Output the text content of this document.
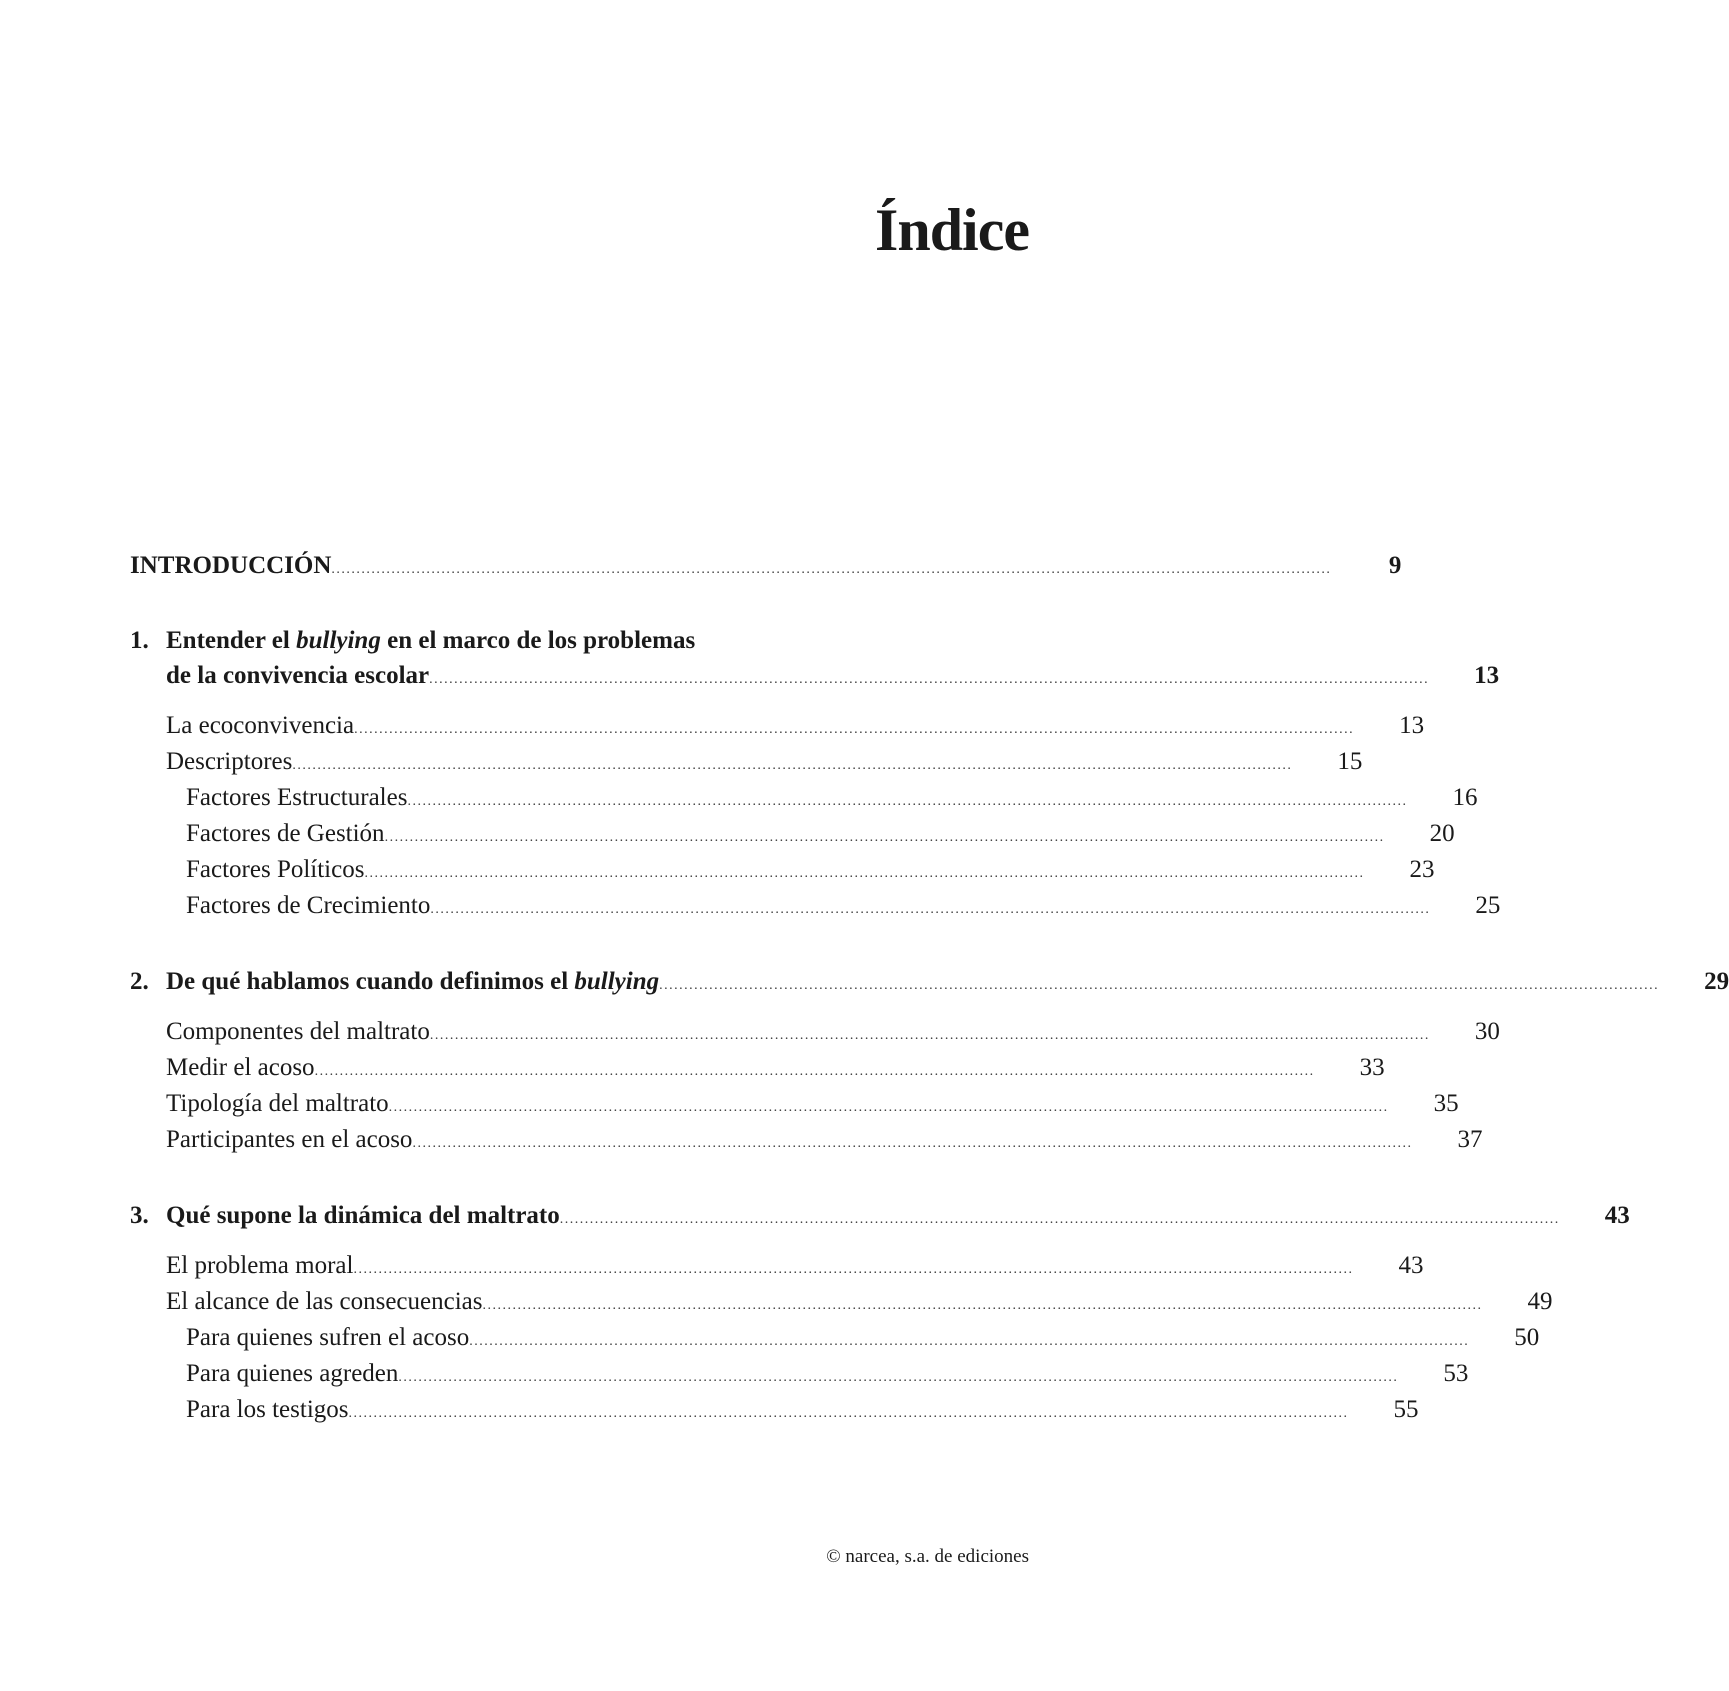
Índice
INTRODUCCIÓN ........................................................................................................................................................................................................	9
1. Entender el bullying en el marco de los problemas
de la convivencia escolar ........................................................................................................................................................................................................	13
La ecoconvivencia ........................................................................................................................................................................................................	13
Descriptores ........................................................................................................................................................................................................	15
Factores Estructurales ........................................................................................................................................................................................................	16
Factores de Gestión ........................................................................................................................................................................................................	20
Factores Políticos ........................................................................................................................................................................................................	23
Factores de Crecimiento ........................................................................................................................................................................................................	25
2. De qué hablamos cuando definimos el bullying ........................................................................................................................................................................................................	29
Componentes del maltrato ........................................................................................................................................................................................................	30
Medir el acoso ........................................................................................................................................................................................................	33
Tipología del maltrato ........................................................................................................................................................................................................	35
Participantes en el acoso ........................................................................................................................................................................................................	37
3. Qué supone la dinámica del maltrato ........................................................................................................................................................................................................	43
El problema moral ........................................................................................................................................................................................................	43
El alcance de las consecuencias ........................................................................................................................................................................................................	49
Para quienes sufren el acoso ........................................................................................................................................................................................................	50
Para quienes agreden ........................................................................................................................................................................................................	53
Para los testigos ........................................................................................................................................................................................................	55
© narcea, s.a. de ediciones
